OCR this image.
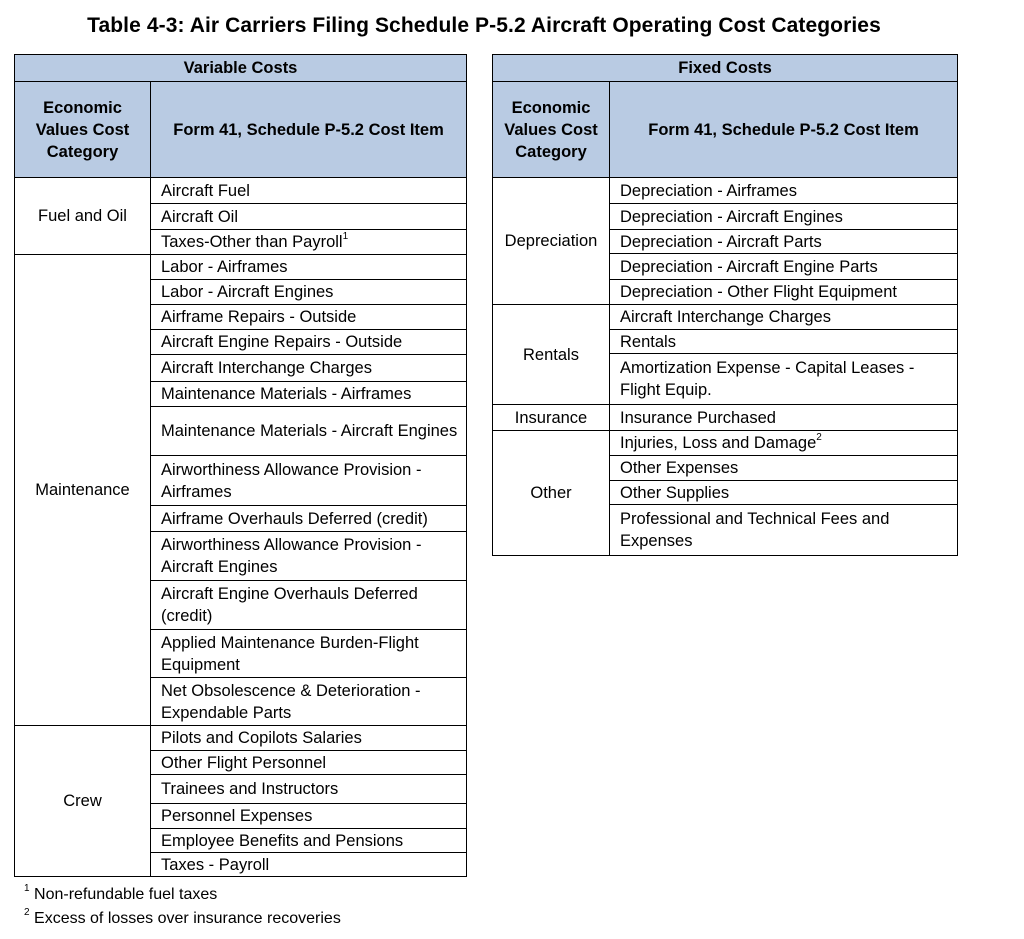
Table 4-3: Air Carriers Filing Schedule P-5.2 Aircraft Operating Cost Categories
Variable Costs	
Economic Values Cost Category	Form 41, Schedule P-5.2 Cost Item
Fuel and Oil	Aircraft Fuel
	Aircraft Oil
	Taxes-Other than Payroll$^1$
Maintenance	Labor - Airframes
	Labor - Aircraft Engines
	Airframe Repairs - Outside
	Aircraft Engine Repairs - Outside
	Aircraft Interchange Charges
	Maintenance Materials - Airframes
	Maintenance Materials - Aircraft Engines
	Airworthiness Allowance Provision - Airframes
	Airframe Overhauls Deferred (credit)
	Airworthiness Allowance Provision - Aircraft Engines
	Aircraft Engine Overhauls Deferred (credit)
	Applied Maintenance Burden-Flight Equipment
	Net Obsolescence & Deterioration - Expendable Parts
Crew	Pilots and Copilots Salaries
	Other Flight Personnel
	Trainees and Instructors
	Personnel Expenses
	Employee Benefits and Pensions
	Taxes - Payroll
Fixed Costs	
Economic Values Cost Category	Form 41, Schedule P-5.2 Cost Item
Depreciation	Depreciation - Airframes
	Depreciation - Aircraft Engines
	Depreciation - Aircraft Parts
	Depreciation - Aircraft Engine Parts
	Depreciation - Other Flight Equipment
Rentals	Aircraft Interchange Charges
	Rentals
	Amortization Expense - Capital Leases - Flight Equip.
Insurance	Insurance Purchased
Other	Injuries, Loss and Damage$^2$
	Other Expenses
	Other Supplies
	Professional and Technical Fees and Expenses
$^1$ Non-refundable fuel taxes
$^2$ Excess of losses over insurance recoveries
